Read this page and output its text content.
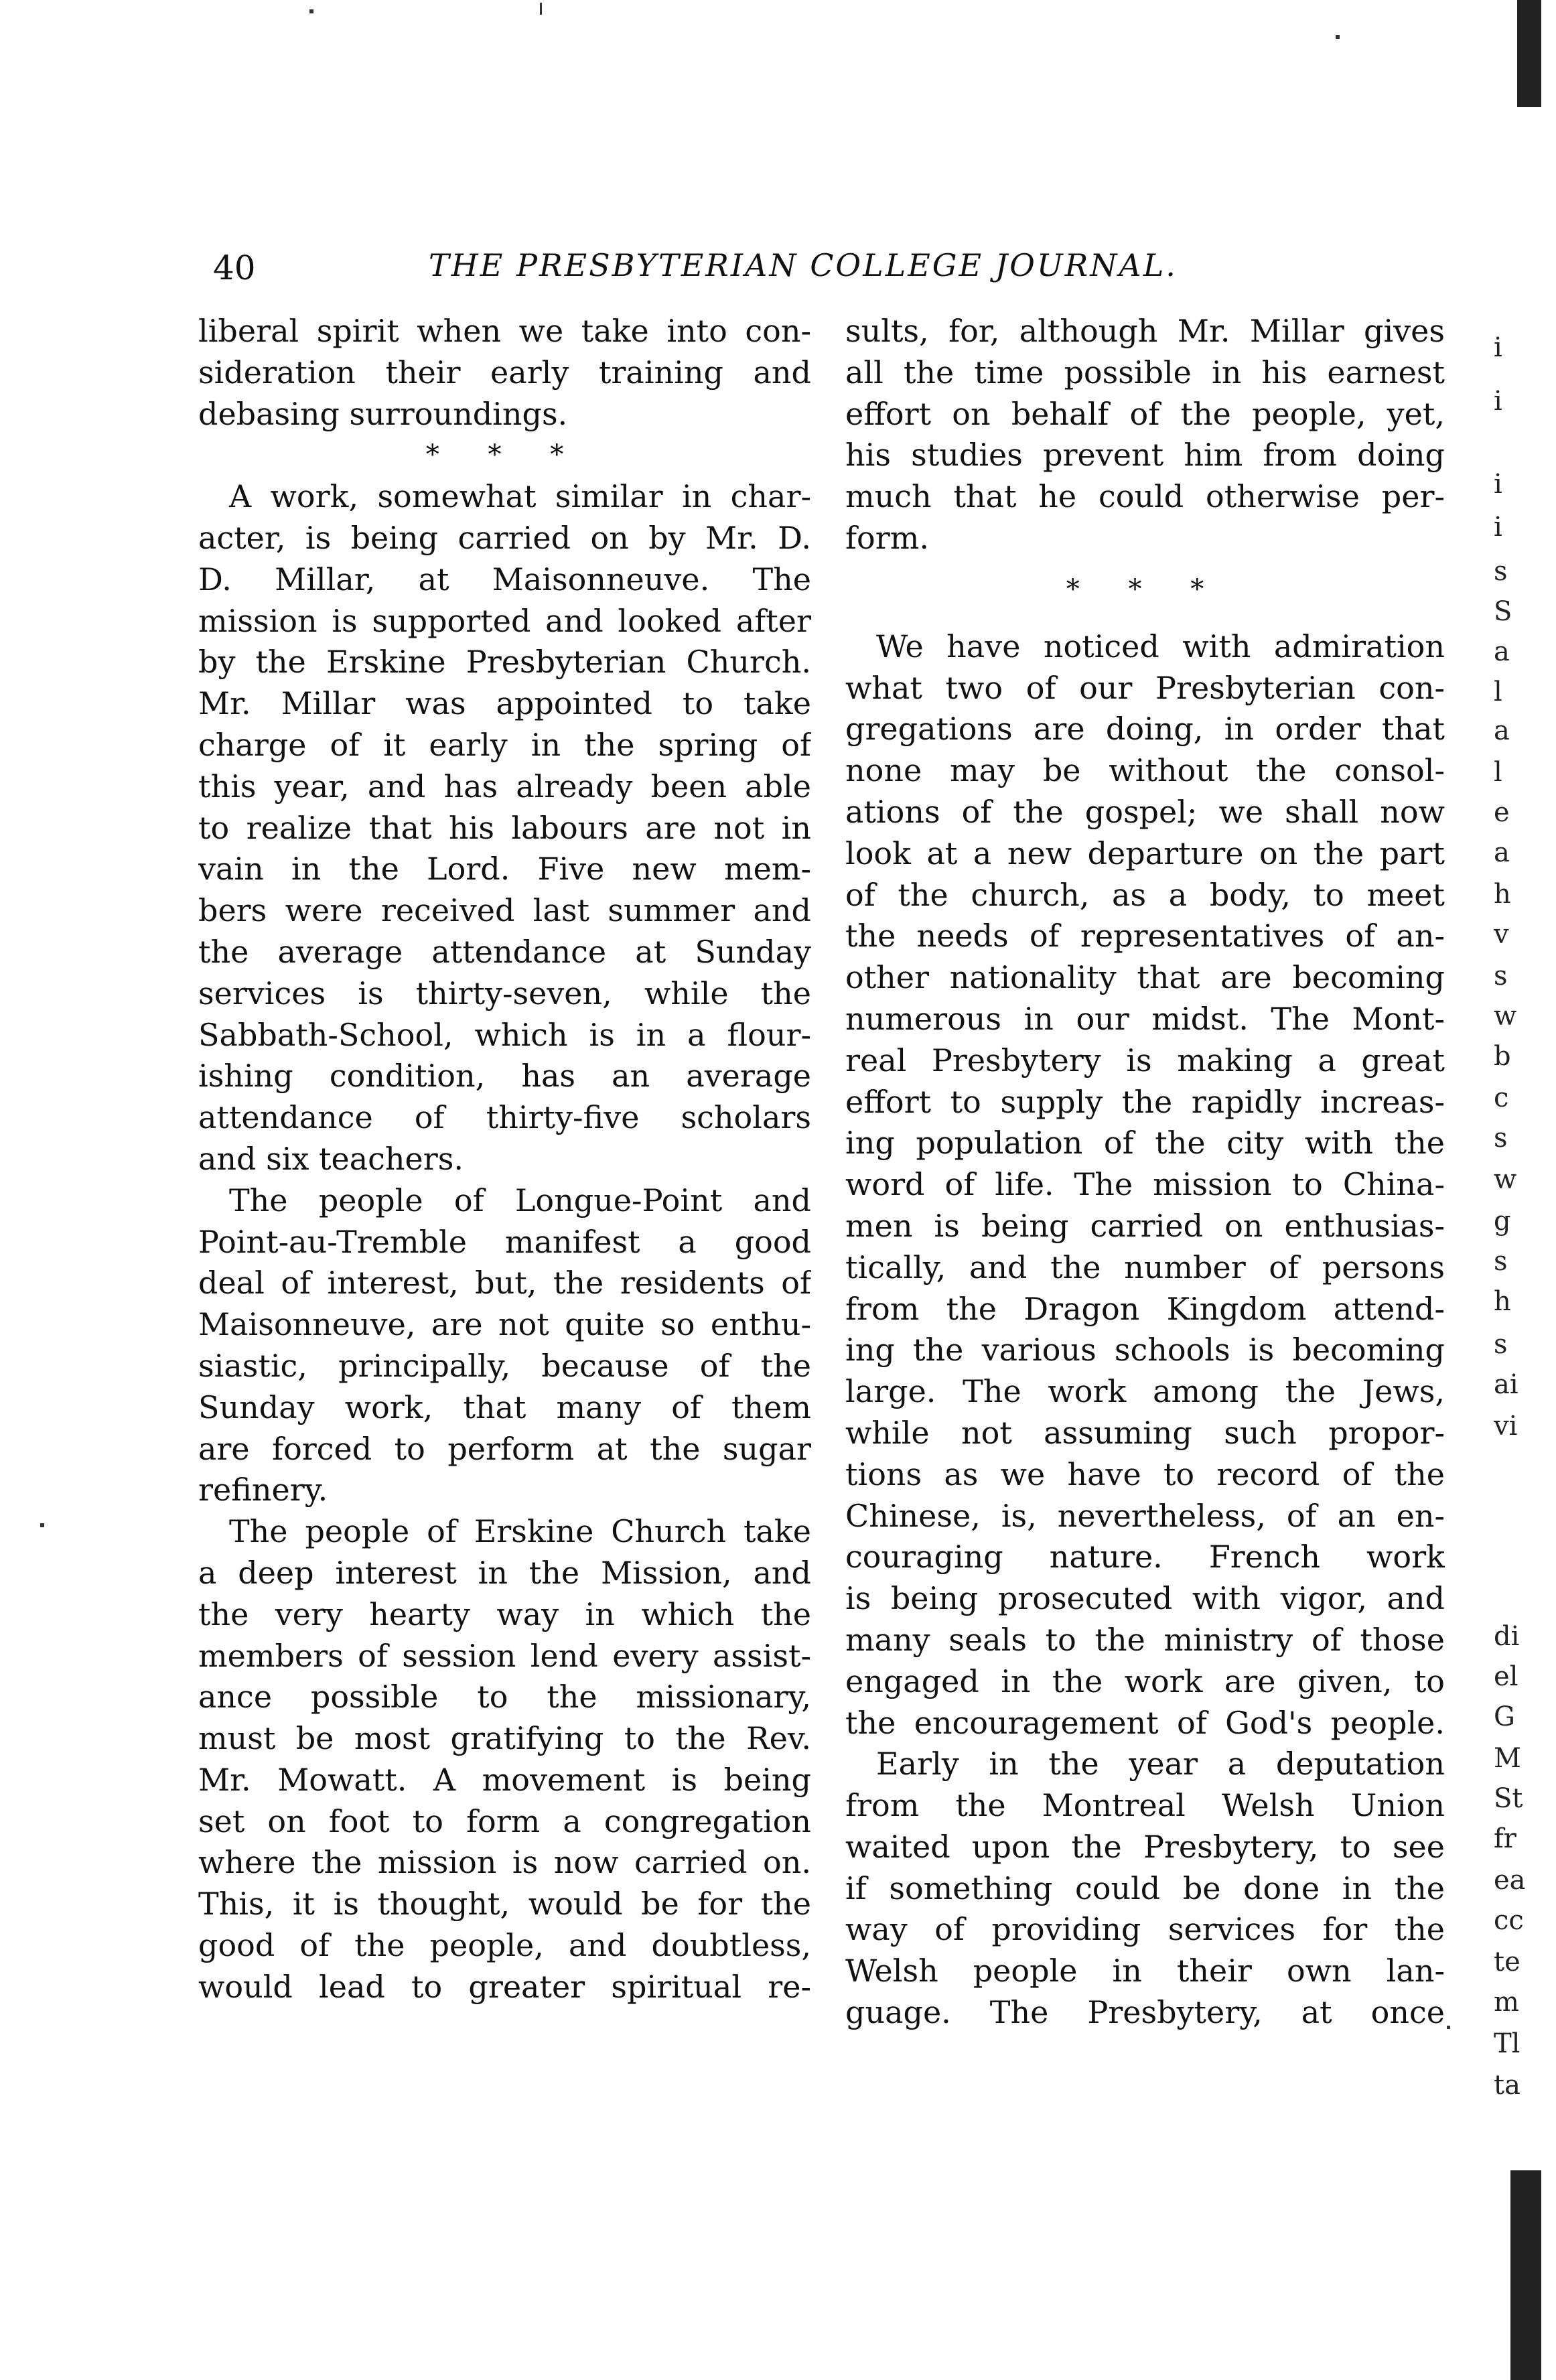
40	THE PRESBYTERIAN COLLEGE JOURNAL.
liberal spirit when we take into con-
sideration their early training and
debasing surroundings.
* * *
A work, somewhat similar in char-
acter, is being carried on by Mr. D.
D. Millar, at Maisonneuve. The
mission is supported and looked after
by the Erskine Presbyterian Church.
Mr. Millar was appointed to take
charge of it early in the spring of
this year, and has already been able
to realize that his labours are not in
vain in the Lord. Five new mem-
bers were received last summer and
the average attendance at Sunday
services is thirty-seven, while the
Sabbath-School, which is in a flour-
ishing condition, has an average
attendance of thirty-five scholars
and six teachers.
The people of Longue-Point and
Point-au-Tremble manifest a good
deal of interest, but, the residents of
Maisonneuve, are not quite so enthu-
siastic, principally, because of the
Sunday work, that many of them
are forced to perform at the sugar
refinery.
The people of Erskine Church take
a deep interest in the Mission, and
the very hearty way in which the
members of session lend every assist-
ance possible to the missionary,
must be most gratifying to the Rev.
Mr. Mowatt. A movement is being
set on foot to form a congregation
where the mission is now carried on.
This, it is thought, would be for the
good of the people, and doubtless,
would lead to greater spiritual re-
sults, for, although Mr. Millar gives
all the time possible in his earnest
effort on behalf of the people, yet,
his studies prevent him from doing
much that he could otherwise per-
form.
* * *
We have noticed with admiration
what two of our Presbyterian con-
gregations are doing, in order that
none may be without the consol-
ations of the gospel; we shall now
look at a new departure on the part
of the church, as a body, to meet
the needs of representatives of an-
other nationality that are becoming
numerous in our midst. The Mont-
real Presbytery is making a great
effort to supply the rapidly increas-
ing population of the city with the
word of life. The mission to China-
men is being carried on enthusias-
tically, and the number of persons
from the Dragon Kingdom attend-
ing the various schools is becoming
large. The work among the Jews,
while not assuming such propor-
tions as we have to record of the
Chinese, is, nevertheless, of an en-
couraging nature. French work
is being prosecuted with vigor, and
many seals to the ministry of those
engaged in the work are given, to
the encouragement of God's people.
Early in the year a deputation
from the Montreal Welsh Union
waited upon the Presbytery, to see
if something could be done in the
way of providing services for the
Welsh people in their own lan-
guage. The Presbytery, at once
i
i
i
i
s
S
a
l
a
l
e
a
h
v
s
w
b
c
s
w
g
s
h
s
ai
vi
di
el
G
M
St
fr
ea
cc
te
m
Tl
ta
